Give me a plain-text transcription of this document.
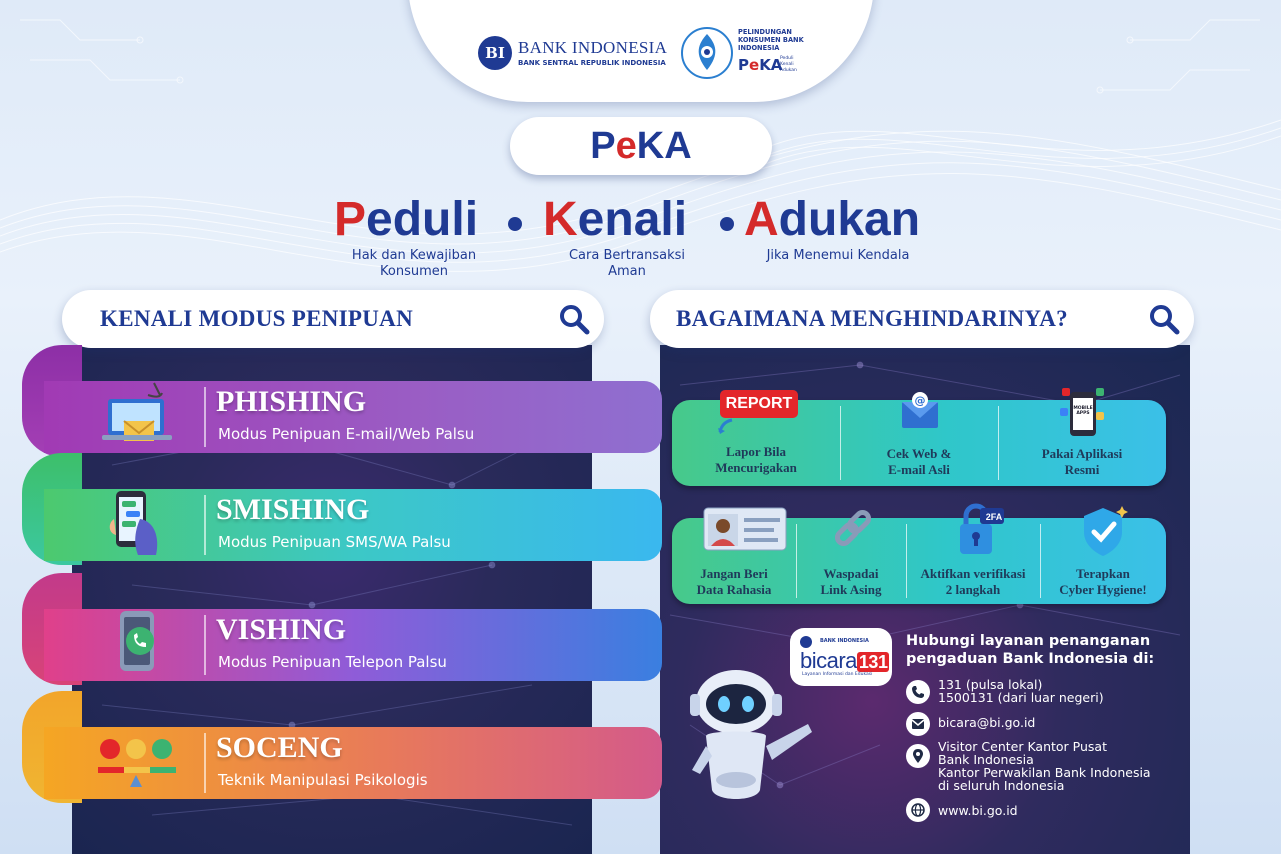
BI BANK INDONESIA
BANK SENTRAL REPUBLIK INDONESIA
PELINDUNGAN KONSUMEN BANK INDONESIA
PeKA
Peduli Kenali Adukan
P e KA
Peduli Kenali Adukan
Hak dan Kewajiban
Konsumen
Cara Bertransaksi
Aman
Jika Menemui Kendala
KENALI MODUS PENIPUAN	BAGAIMANA MENGHINDARINYA?
PHISHING
Modus Penipuan E-mail/Web Palsu
SMISHING
Modus Penipuan SMS/WA Palsu
VISHING
Modus Penipuan Telepon Palsu
SOCENG
Teknik Manipulasi Psikologis
REPORT
Lapor Bila
Mencurigakan
@
Cek Web &
E-mail Asli
MOBILE APPS
Pakai Aplikasi
Resmi
Jangan Beri
Data Rahasia
Waspadai
Link Asing
2FA
Aktifkan verifikasi
2 langkah
Terapkan
Cyber Hygiene!
BANK INDONESIA
bicara 131
Layanan Informasi dan Edukasi
Hubungi layanan penanganan
pengaduan Bank Indonesia di:
131 (pulsa lokal)
1500131 (dari luar negeri)
bicara@bi.go.id
Visitor Center Kantor Pusat
Bank Indonesia
Kantor Perwakilan Bank Indonesia
di seluruh Indonesia
www.bi.go.id
